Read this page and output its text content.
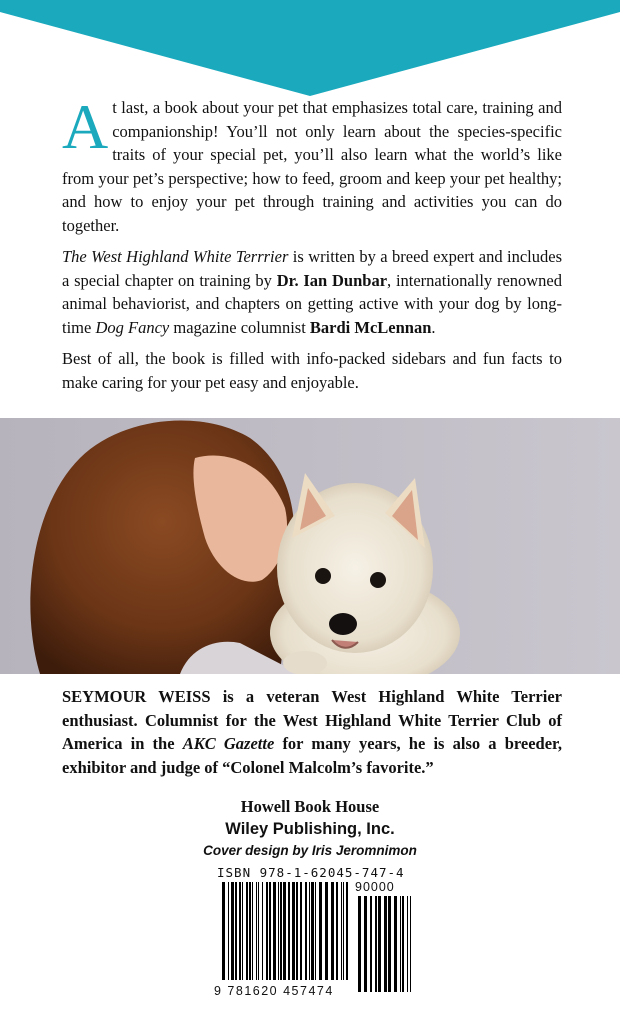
At last, a book about your pet that emphasizes total care, training and companionship! You’ll not only learn about the species-specific traits of your special pet, you’ll also learn what the world’s like from your pet’s perspective; how to feed, groom and keep your pet healthy; and how to enjoy your pet through training and activities you can do together.

The West Highland White Terrrier is written by a breed expert and includes a special chapter on training by Dr. Ian Dunbar, internationally renowned animal behaviorist, and chapters on getting active with your dog by long-time Dog Fancy magazine columnist Bardi McLennan.

Best of all, the book is filled with info-packed sidebars and fun facts to make caring for your pet easy and enjoyable.

SEYMOUR WEISS is a veteran West Highland White Terrier enthusiast. Columnist for the West Highland White Terrier Club of America in the AKC Gazette for many years, he is also a breeder, exhibitor and judge of “Colonel Malcolm’s favorite.”
Howell Book House
Wiley Publishing, Inc.
Cover design by Iris Jeromnimon
ISBN 978-1-62045-747-4
9 781620 457474
90000
